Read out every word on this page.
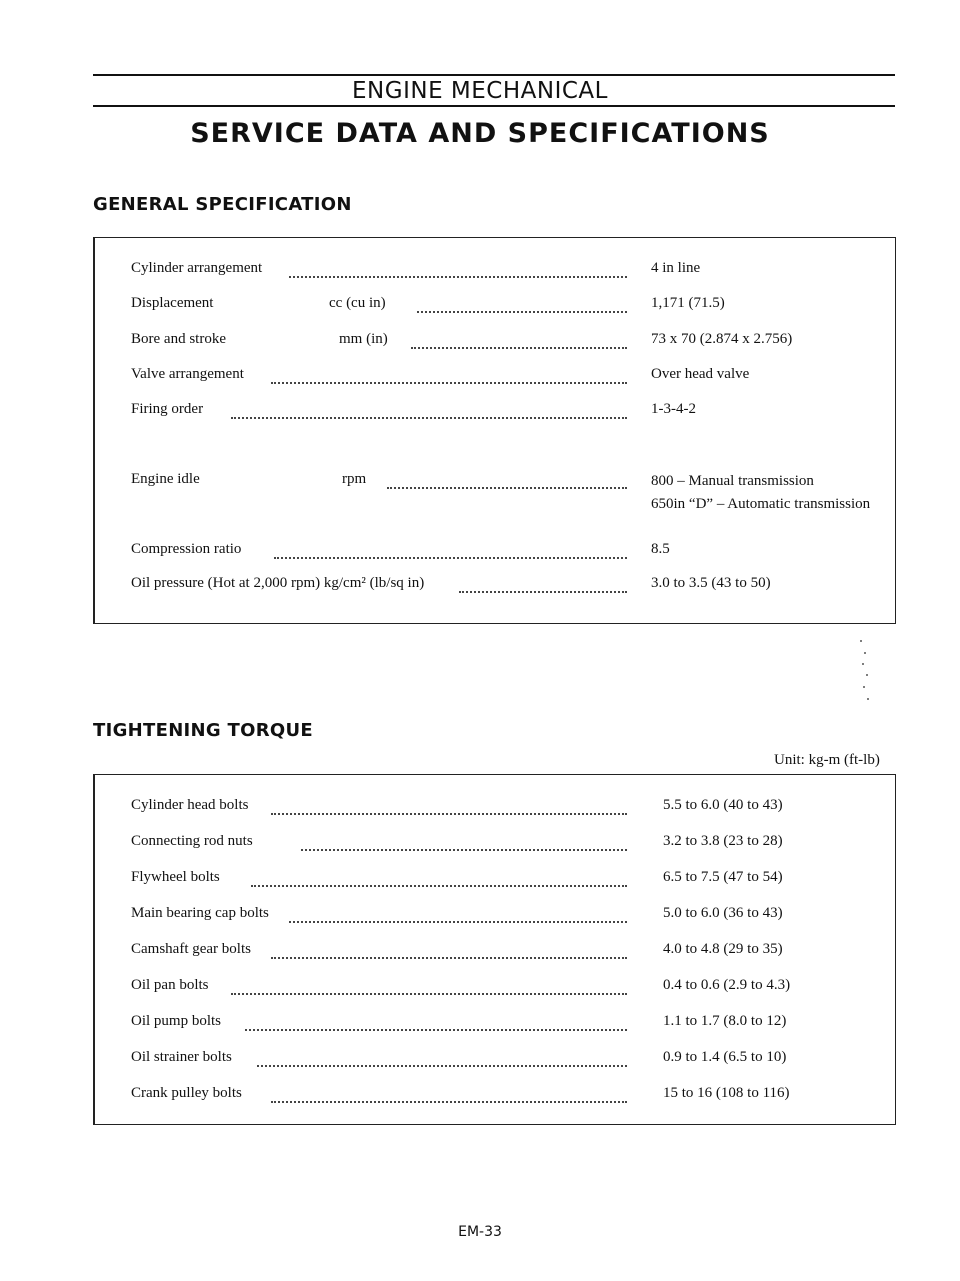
ENGINE MECHANICAL
SERVICE DATA AND SPECIFICATIONS
GENERAL SPECIFICATION
Cylinder arrangement	4 in line
Displacement	cc (cu in)	1,171 (71.5)
Bore and stroke	mm (in)	73 x 70 (2.874 x 2.756)
Valve arrangement	Over head valve
Firing order	1-3-4-2
Engine idle	rpm	800 – Manual transmission
650in “D” – Automatic transmission
Compression ratio	8.5
Oil pressure (Hot at 2,000 rpm) kg/cm² (lb/sq in)	3.0 to 3.5 (43 to 50)
TIGHTENING TORQUE
Unit: kg-m (ft-lb)
Cylinder head bolts	5.5 to 6.0 (40 to 43)
Connecting rod nuts	3.2 to 3.8 (23 to 28)
Flywheel bolts	6.5 to 7.5 (47 to 54)
Main bearing cap bolts	5.0 to 6.0 (36 to 43)
Camshaft gear bolts	4.0 to 4.8 (29 to 35)
Oil pan bolts	0.4 to 0.6 (2.9 to 4.3)
Oil pump bolts	1.1 to 1.7 (8.0 to 12)
Oil strainer bolts	0.9 to 1.4 (6.5 to 10)
Crank pulley bolts	15 to 16 (108 to 116)
EM-33
